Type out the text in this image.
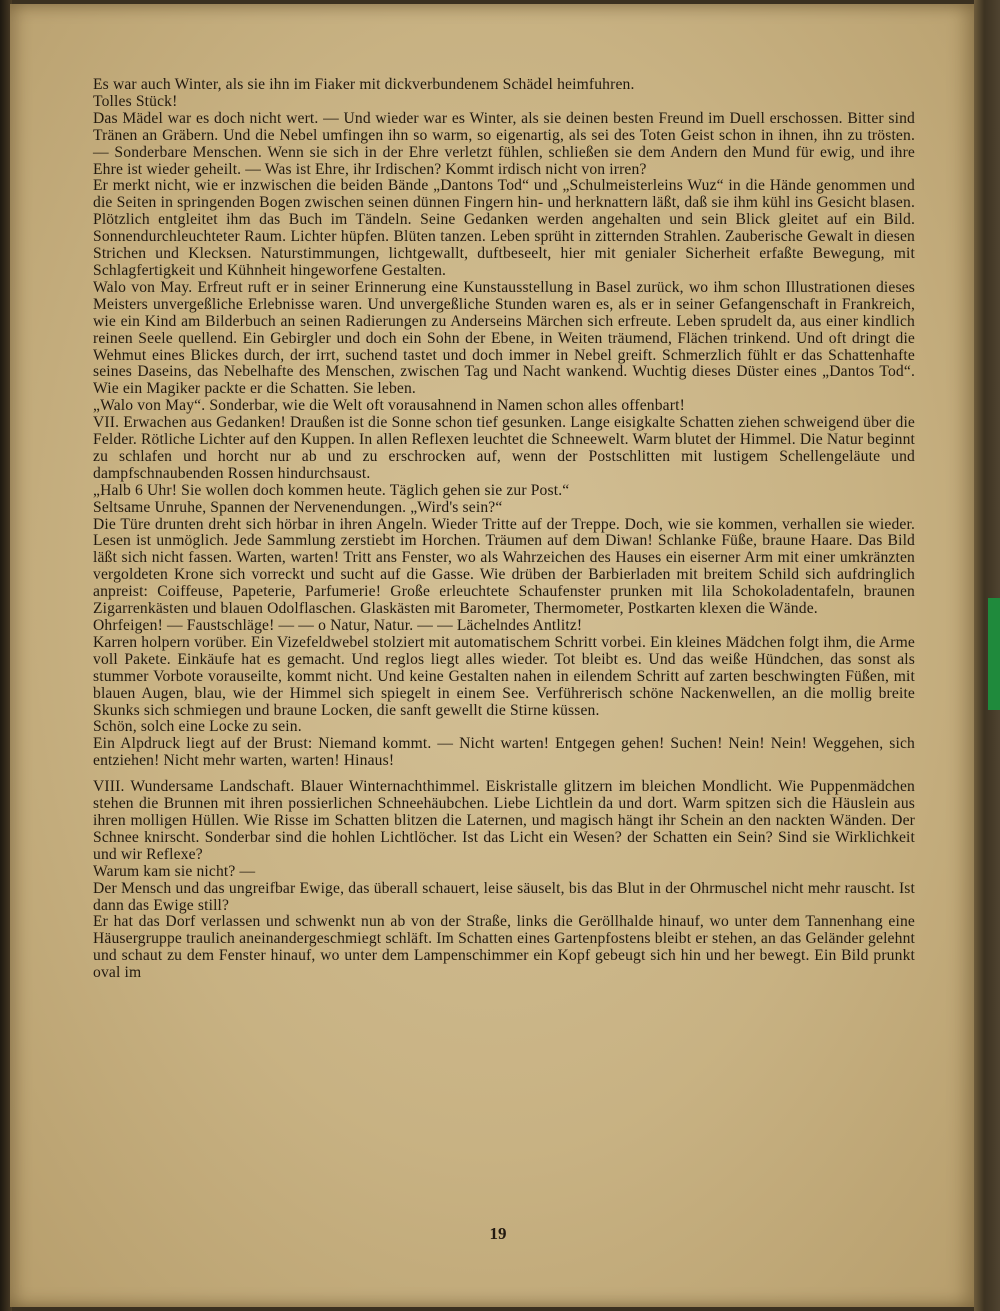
Es war auch Winter, als sie ihn im Fiaker mit dickverbundenem Schädel heimfuhren.

Tolles Stück!

Das Mädel war es doch nicht wert. — Und wieder war es Winter, als sie deinen besten Freund im Duell erschossen. Bitter sind Tränen an Gräbern. Und die Nebel umfingen ihn so warm, so eigenartig, als sei des Toten Geist schon in ihnen, ihn zu trösten. — Sonderbare Menschen. Wenn sie sich in der Ehre verletzt fühlen, schließen sie dem Andern den Mund für ewig, und ihre Ehre ist wieder geheilt. — Was ist Ehre, ihr Irdischen? Kommt irdisch nicht von irren?

Er merkt nicht, wie er inzwischen die beiden Bände „Dantons Tod“ und „Schulmeisterleins Wuz“ in die Hände genommen und die Seiten in springenden Bogen zwischen seinen dünnen Fingern hin- und herknattern läßt, daß sie ihm kühl ins Gesicht blasen. Plötzlich entgleitet ihm das Buch im Tändeln. Seine Gedanken werden angehalten und sein Blick gleitet auf ein Bild. Sonnendurchleuchteter Raum. Lichter hüpfen. Blüten tanzen. Leben sprüht in zitternden Strahlen. Zauberische Gewalt in diesen Strichen und Klecksen. Naturstimmungen, lichtgewallt, duftbeseelt, hier mit genialer Sicherheit erfaßte Bewegung, mit Schlagfertigkeit und Kühnheit hingeworfene Gestalten.

Walo von May. Erfreut ruft er in seiner Erinnerung eine Kunstausstellung in Basel zurück, wo ihm schon Illustrationen dieses Meisters unvergeßliche Erlebnisse waren. Und unvergeßliche Stunden waren es, als er in seiner Gefangenschaft in Frankreich, wie ein Kind am Bilderbuch an seinen Radierungen zu Anderseins Märchen sich erfreute. Leben sprudelt da, aus einer kindlich reinen Seele quellend. Ein Gebirgler und doch ein Sohn der Ebene, in Weiten träumend, Flächen trinkend. Und oft dringt die Wehmut eines Blickes durch, der irrt, suchend tastet und doch immer in Nebel greift. Schmerzlich fühlt er das Schattenhafte seines Daseins, das Nebelhafte des Menschen, zwischen Tag und Nacht wankend. Wuchtig dieses Düster eines „Dantos Tod“. Wie ein Magiker packte er die Schatten. Sie leben.

„Walo von May“. Sonderbar, wie die Welt oft vorausahnend in Namen schon alles offenbart!

VII. Erwachen aus Gedanken! Draußen ist die Sonne schon tief gesunken. Lange eisigkalte Schatten ziehen schweigend über die Felder. Rötliche Lichter auf den Kuppen. In allen Reflexen leuchtet die Schneewelt. Warm blutet der Himmel. Die Natur beginnt zu schlafen und horcht nur ab und zu erschrocken auf, wenn der Postschlitten mit lustigem Schellengeläute und dampfschnaubenden Rossen hindurchsaust.

„Halb 6 Uhr! Sie wollen doch kommen heute. Täglich gehen sie zur Post.“

Seltsame Unruhe, Spannen der Nervenendungen. „Wird's sein?“

Die Türe drunten dreht sich hörbar in ihren Angeln. Wieder Tritte auf der Treppe. Doch, wie sie kommen, verhallen sie wieder. Lesen ist unmöglich. Jede Sammlung zerstiebt im Horchen. Träumen auf dem Diwan! Schlanke Füße, braune Haare. Das Bild läßt sich nicht fassen. Warten, warten! Tritt ans Fenster, wo als Wahrzeichen des Hauses ein eiserner Arm mit einer umkränzten vergoldeten Krone sich vorreckt und sucht auf die Gasse. Wie drüben der Barbierladen mit breitem Schild sich aufdringlich anpreist: Coiffeuse, Papeterie, Parfumerie! Große erleuchtete Schaufenster prunken mit lila Schokoladentafeln, braunen Zigarrenkästen und blauen Odolflaschen. Glaskästen mit Barometer, Thermometer, Postkarten klexen die Wände.

Ohrfeigen! — Faustschläge! — — o Natur, Natur. — — Lächelndes Antlitz!

Karren holpern vorüber. Ein Vizefeldwebel stolziert mit automatischem Schritt vorbei. Ein kleines Mädchen folgt ihm, die Arme voll Pakete. Einkäufe hat es gemacht. Und reglos liegt alles wieder. Tot bleibt es. Und das weiße Hündchen, das sonst als stummer Vorbote vorauseilte, kommt nicht. Und keine Gestalten nahen in eilendem Schritt auf zarten beschwingten Füßen, mit blauen Augen, blau, wie der Himmel sich spiegelt in einem See. Verführerisch schöne Nackenwellen, an die mollig breite Skunks sich schmiegen und braune Locken, die sanft gewellt die Stirne küssen.

Schön, solch eine Locke zu sein.

Ein Alpdruck liegt auf der Brust: Niemand kommt. — Nicht warten! Entgegen gehen! Suchen! Nein! Nein! Weggehen, sich entziehen! Nicht mehr warten, warten! Hinaus!

VIII. Wundersame Landschaft. Blauer Winternachthimmel. Eiskristalle glitzern im bleichen Mondlicht. Wie Puppenmädchen stehen die Brunnen mit ihren possierlichen Schneehäubchen. Liebe Lichtlein da und dort. Warm spitzen sich die Häuslein aus ihren molligen Hüllen. Wie Risse im Schatten blitzen die Laternen, und magisch hängt ihr Schein an den nackten Wänden. Der Schnee knirscht. Sonderbar sind die hohlen Lichtlöcher. Ist das Licht ein Wesen? der Schatten ein Sein? Sind sie Wirklichkeit und wir Reflexe?

Warum kam sie nicht? —

Der Mensch und das ungreifbar Ewige, das überall schauert, leise säuselt, bis das Blut in der Ohrmuschel nicht mehr rauscht. Ist dann das Ewige still?

Er hat das Dorf verlassen und schwenkt nun ab von der Straße, links die Geröllhalde hinauf, wo unter dem Tannenhang eine Häusergruppe traulich aneinandergeschmiegt schläft. Im Schatten eines Gartenpfostens bleibt er stehen, an das Geländer gelehnt und schaut zu dem Fenster hinauf, wo unter dem Lampenschimmer ein Kopf gebeugt sich hin und her bewegt. Ein Bild prunkt oval im

19
